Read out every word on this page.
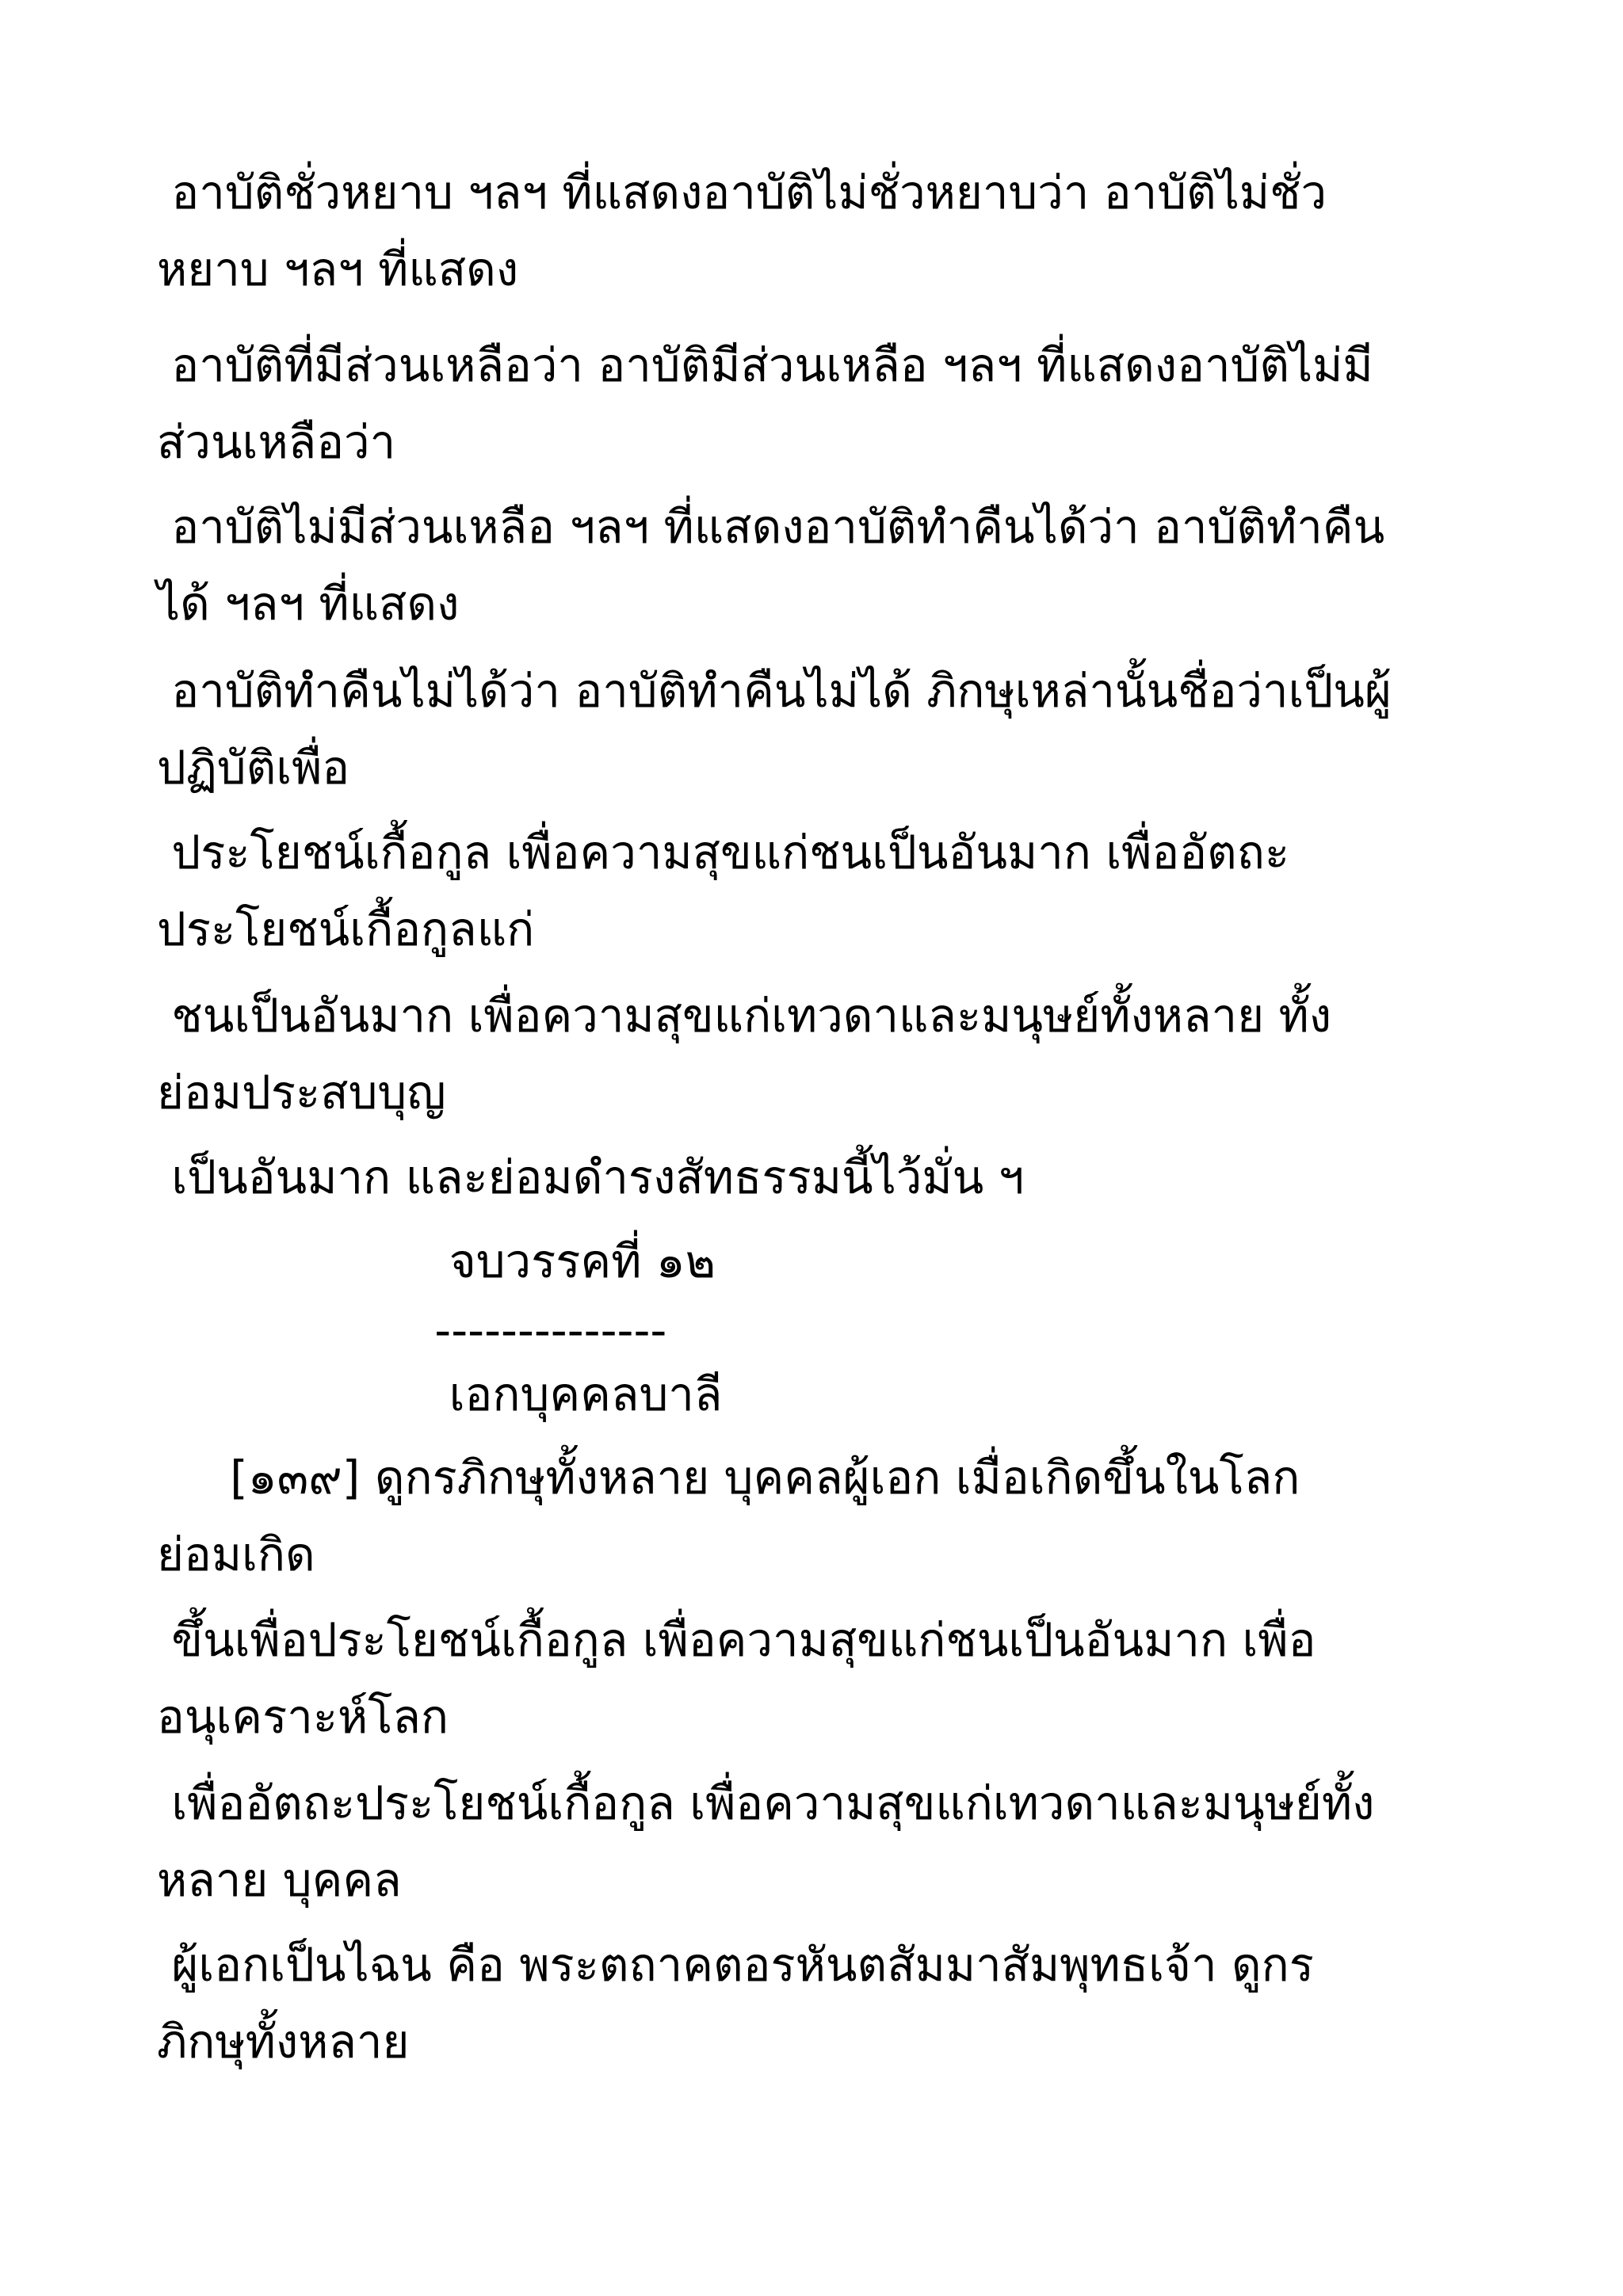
อาบัติชั่วหยาบ ฯลฯ ที่แสดงอาบัติไม่ชั่วหยาบว่า อาบัติไม่ชั่ว
หยาบ ฯลฯ ที่แสดง
อาบัติที่มีส่วนเหลือว่า อาบัติมีส่วนเหลือ ฯลฯ ที่แสดงอาบัติไม่มี
ส่วนเหลือว่า
อาบัติไม่มีส่วนเหลือ ฯลฯ ที่แสดงอาบัติทำคืนได้ว่า อาบัติทำคืน
ได้ ฯลฯ ที่แสดง
อาบัติทำคืนไม่ได้ว่า อาบัติทำคืนไม่ได้ ภิกษุเหล่านั้นชื่อว่าเป็นผู้
ปฏิบัติเพื่อ
ประโยชน์เกื้อกูล เพื่อความสุขแก่ชนเป็นอันมาก เพื่ออัตถะ
ประโยชน์เกื้อกูลแก่
ชนเป็นอันมาก เพื่อความสุขแก่เทวดาและมนุษย์ทั้งหลาย ทั้ง
ย่อมประสบบุญ
เป็นอันมาก และย่อมดำรงสัทธรรมนี้ไว้มั่น ฯ
จบวรรคที่ ๑๒
--------------
เอกบุคคลบาลี
[๑๓๙] ดูกรภิกษุทั้งหลาย บุคคลผู้เอก เมื่อเกิดขึ้นในโลก
ย่อมเกิด
ขึ้นเพื่อประโยชน์เกื้อกูล เพื่อความสุขแก่ชนเป็นอันมาก เพื่อ
อนุเคราะห์โลก
เพื่ออัตถะประโยชน์เกื้อกูล เพื่อความสุขแก่เทวดาและมนุษย์ทั้ง
หลาย บุคคล
ผู้เอกเป็นไฉน คือ พระตถาคตอรหันตสัมมาสัมพุทธเจ้า ดูกร
ภิกษุทั้งหลาย
